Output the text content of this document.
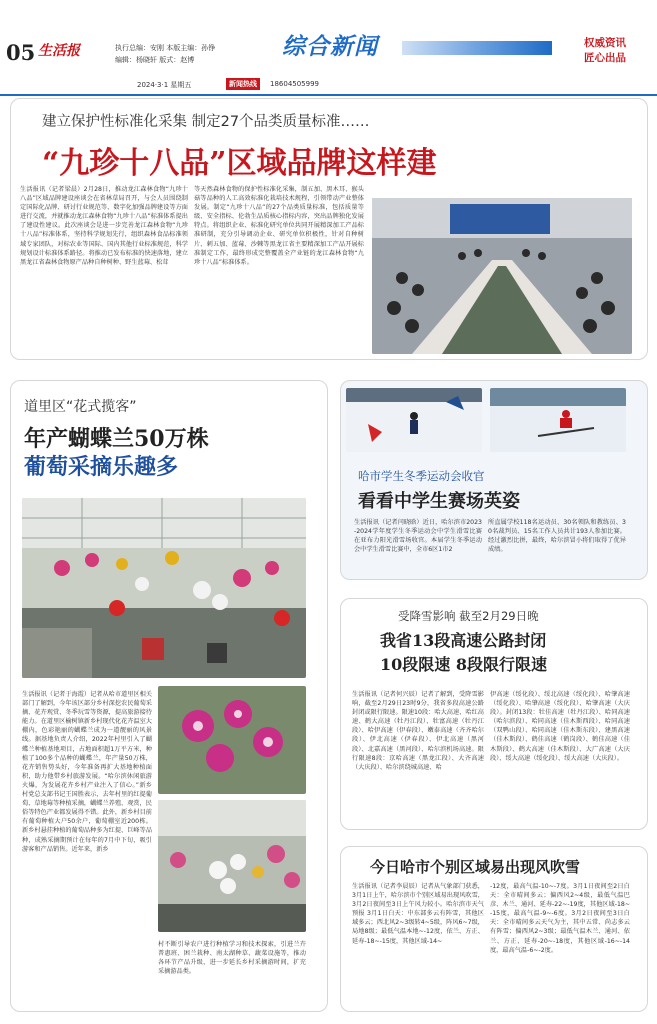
05 生活报	执行总编：安刚 本版主编：孙铮
编辑：杨晓轩 版式：赵博
2024·3·1 星期五	新闻热线	18604505999
综合新闻	权威资讯
匠心出品
建立保护性标准化采集 制定27个品类质量标准……
“九珍十八品”区域品牌这样建
生活报讯（记者梁晨）2月28日，推动龙江森林食物“九珍十八品”区域品牌建设座谈会在省林草局召开，与会人员围绕制定国际化品牌、研讨行业规范等、数字化加强品牌建设等方面进行交流，并就推动龙江森林食物“九珍十八品”标准体系提出了建设性建议。此次座谈会是进一步完善龙江森林食物“九珍十八品”标准体系，坚持科学规划先行，组织森林食品标准领域专家团队，对标农业等国际、国内其他行业标准规范，科学规划设计标准体系路径。将推动已发布标准的快速落地，建立黑龙江省森林食物原产品种自种树种、野生蓝莓、松茸
等天然森林食物的保护性标准化采集，制五加、黑木耳、猴头菇等品种的人工高效标准化栽培技术规程，引领带动产业整体发展。制定“九珍十八品”的27个品类质量标准，包括质量等级、安全指标、伦勃生品质核心指标内容，突出品牌独化发展特点。将组织企业、标准化研究单位共同开展精深加工产品标准研制，充分引导调动企业、研究单位积极性，针对自种树片、刺五加、蓝莓、沙棘等黑龙江省主要精深加工产品开展标准制定工作，最终形成完整覆盖全产业链的龙江森林食物“九珍十八品”标准体系。
道里区“花式揽客”
年产蝴蝶兰50万株
葡萄采摘乐趣多
生活报讯（记者于海霞）记者从哈市道里区相关部门了解到，今年该区部分乡村深挖农民葡萄采摘、花卉观赏、冬季玩雪等资源，提高旅游接待能力。在道里区榆树镇新乡村现代化花卉温室大棚内，色彩艳丽的蝴蝶兰成为一道靓丽的风景线。据基地负责人介绍，2022年村里引入了蝴蝶兰种植基地项目，占地面积超1万平方米，种植了100多个品种的蝴蝶兰，年产量50万株，花卉销售势头好，今年准备再扩大基地种植面积，助力他带乡村旅游发展。“哈尔滨休闲旅游火爆，为发展花卉乡村产业注入了信心。”新乡村党总支部书记王国胜表示，去年村里的红提葡萄、草地莓等种植采摘，蝴蝶兰养殖、观赏，民俗等特色产业都发展得不错。此外，新乡村目前有葡萄种植大户50余户，葡萄棚室近200栋。新乡村悬挂种植的葡萄品种多为红提、巨峰等品种，成熟采摘期预计在每年的7月中下旬，吸引游客和产品销售。近年来，新乡
村不断引导农户进行种植学习和技术探索，引进兰卉普惠班、困兰栽种、南太湖种草、蔬菜设施等，推动各环节产品升级，进一步延长乡村采摘游时间，扩充采摘游品类。
哈市学生冬季运动会收官
看看中学生赛场英姿
生活报讯（记者闫晓晗）近日，哈尔滨市2023-2024学年度学生冬季运动会中学生滑雪比赛在亚布力阳光滑雪场收官。本届学生冬季运动会中学生滑雪比赛中，全市6区1市2
所直属学校118名运动员、30名领队和教练员、30名裁判员、15名工作人员共计193人参加比赛。经过激烈比拼，最终，哈尔滨冒小将们取得了优异成绩。
受降雪影响 截至2月29日晚
我省13段高速公路封闭
10段限速 8段限行限速
生活报讯（记者何兴辰）记者了解到，受降雪影响，截至2月29日23时9分，我省多段高速公路封闭或限行限速。限速10段：哈大高速、哈红高速、鹤大高速（牡丹江段）、牡富高速（牡丹江段）、哈伊高速（伊春段）、嫩泰高速（齐齐哈尔段）、伊北高速（伊春段）、伊北高速（黑河段）、北嘉高速（黑河段）、哈尔滨机场高速。限行限速8段：京哈高速（黑龙江段）、大齐高速（大庆段）、哈尔滨绕城高速、哈
伊高速（绥化段）、绥北高速（绥化段）、哈肇高速（绥化段）、哈肇高速（绥化段）、哈肇高速（大庆段）。封闭13段：牡佳高速（牡丹江段）、哈同高速（哈尔滨段）、哈同高速（佳木斯西段）、哈同高速（双鸭山段）、哈同高速（佳木斯东段）、建黑高速（佳木斯段）、鹤佳高速（鹤岗段）、鹤佳高速（佳木斯段）、鹤大高速（佳木斯段）、大广高速（大庆段）、绥大高速（绥化段）、绥大高速（大庆段）。
今日哈市个别区域易出现风吹雪
生活报讯（记者李晨辰）记者从气象部门获悉，3月1日上午，哈尔滨市个别区域易出现风吹雪，3月2日夜间至3日上午风力较小。哈尔滨市天气预报 3月1日白天：中东部多云有阵雪，其他区域多云；西北风2~3级转4~5级，阵风6~7级，局地8级；最低气温本地~-12度，依兰、方正、延寿-18~-15度，其他区域-14~
-12度，最高气温-10~-7度。3月1日夜间至2日白天：全市晴间多云；偏西风2~4级，最低气温巴彦、木兰、通河、延寿-22~-19度，其他区域-18~-15度，最高气温-9~-6度。3月2日夜间至3日白天：全市晴间多云天气为主，其中五常、尚志多云有阵雪；偏西风2~3级；最低气温木兰、通河、依兰、方正、延寿-20~-18度，其他区域-16~-14度，最高气温-6~-2度。
